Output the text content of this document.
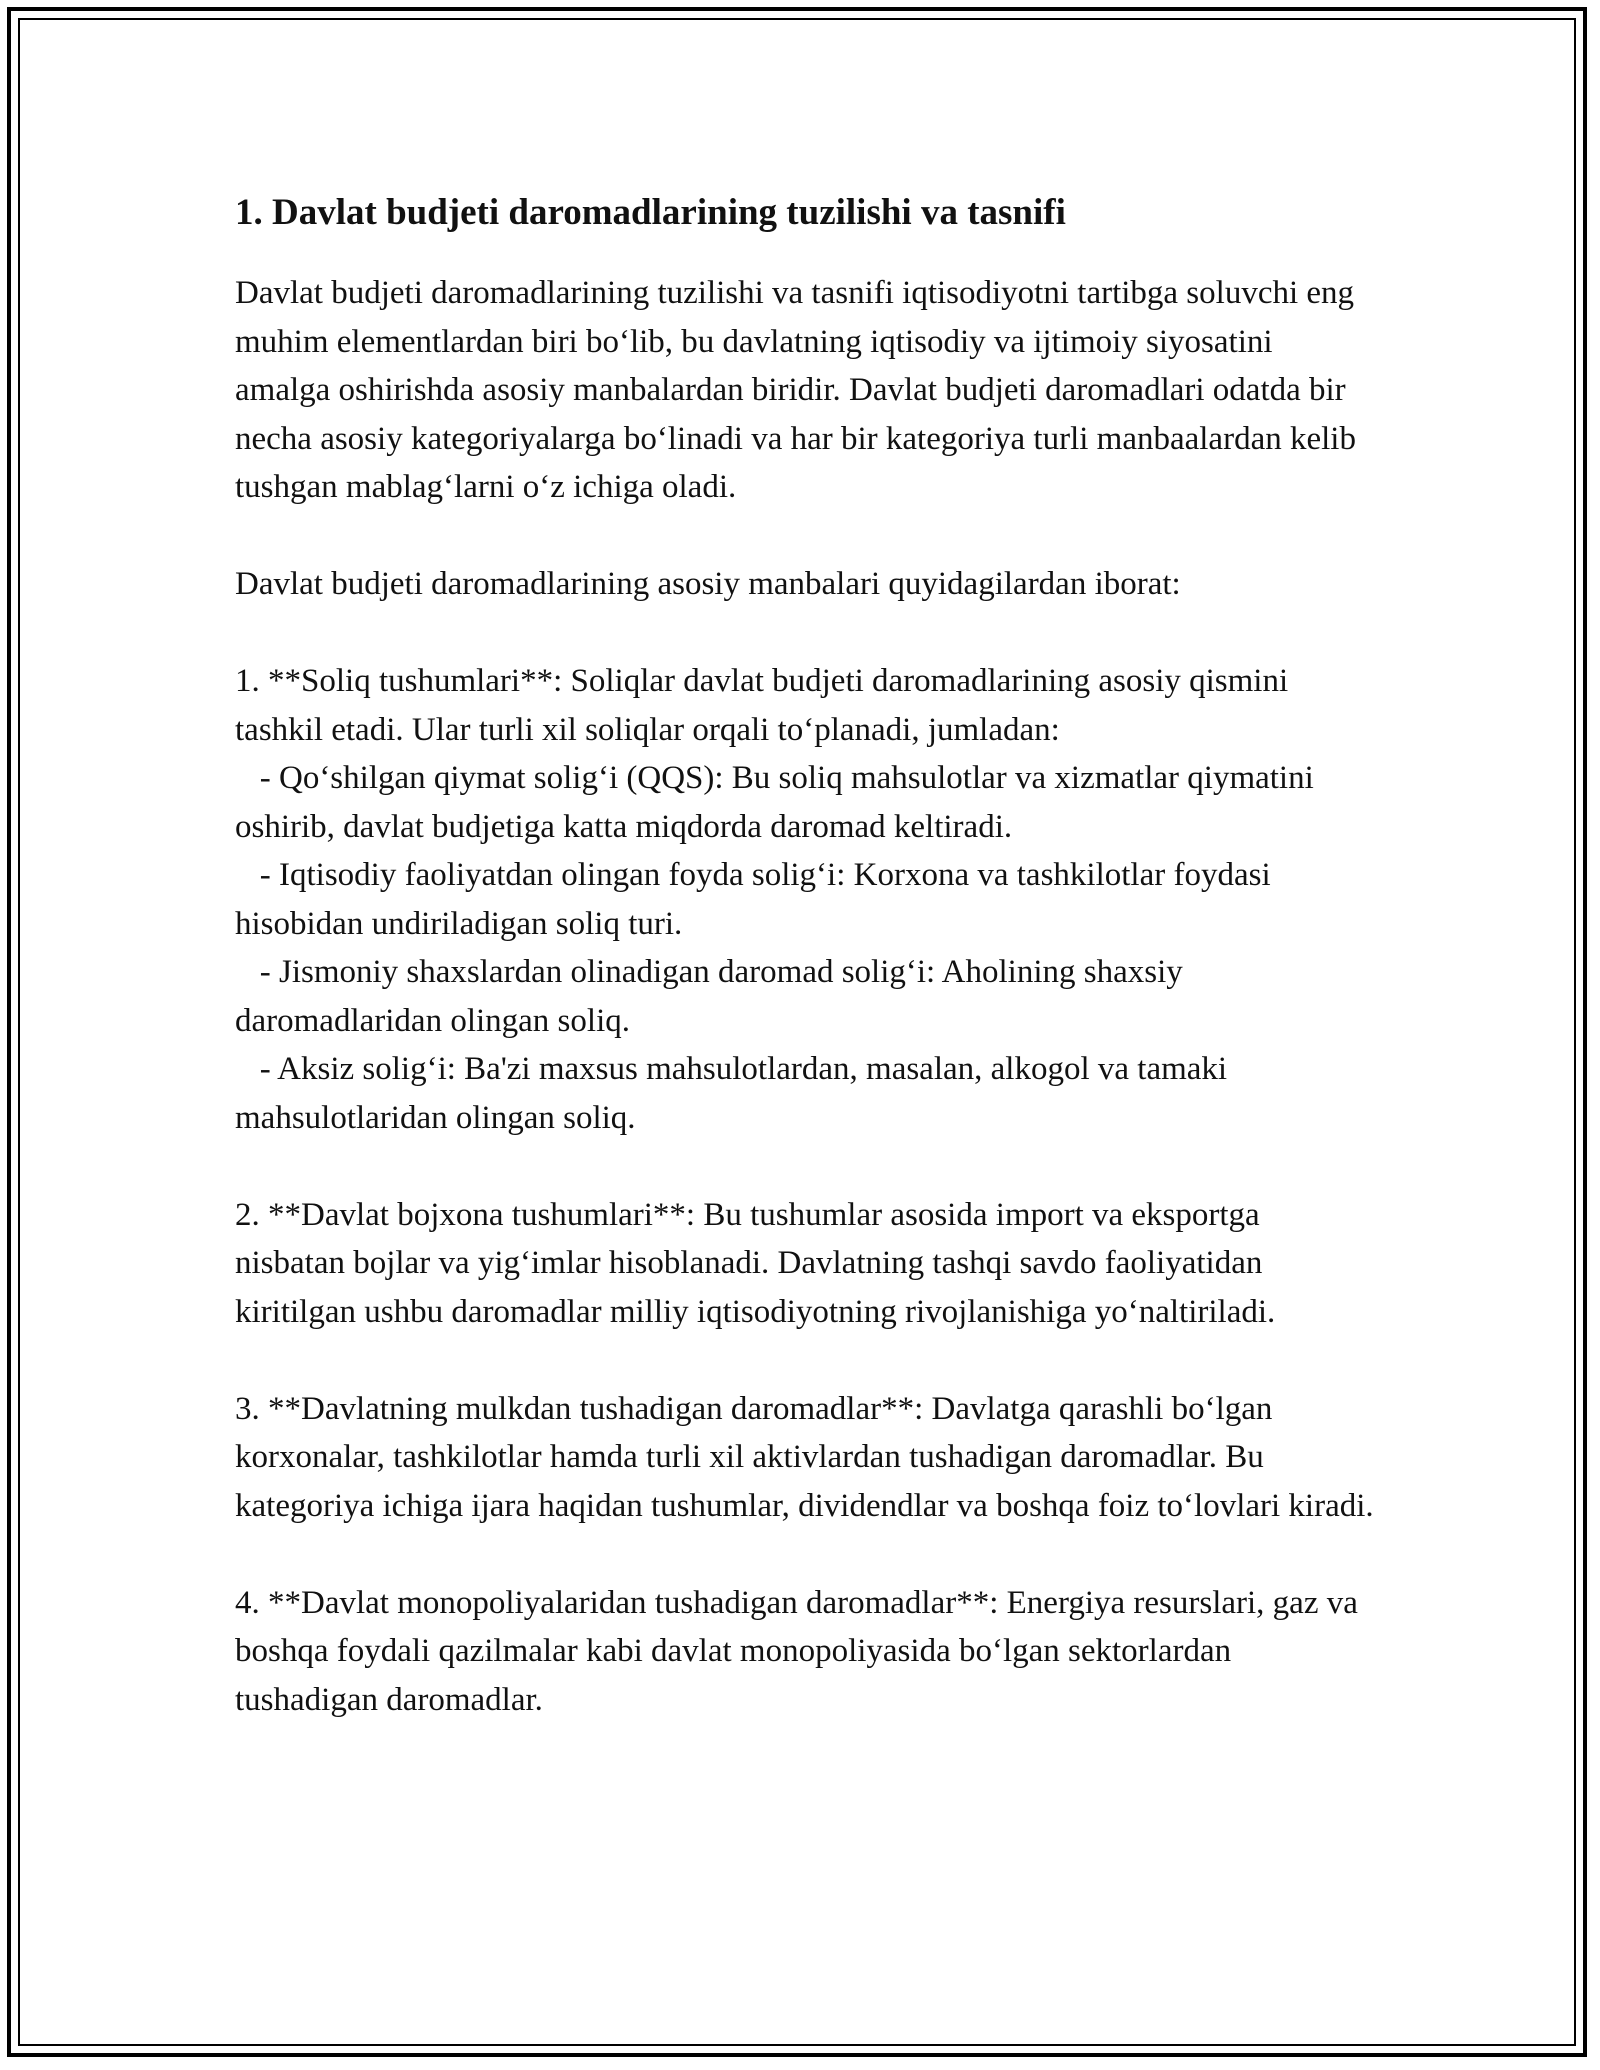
1. Davlat budjeti daromadlarining tuzilishi va tasnifi

Davlat budjeti daromadlarining tuzilishi va tasnifi iqtisodiyotni tartibga soluvchi eng muhim elementlardan biri bo‘lib, bu davlatning iqtisodiy va ijtimoiy siyosatini amalga oshirishda asosiy manbalardan biridir. Davlat budjeti daromadlari odatda bir necha asosiy kategoriyalarga bo‘linadi va har bir kategoriya turli manbaalardan kelib tushgan mablag‘larni o‘z ichiga oladi.

Davlat budjeti daromadlarining asosiy manbalari quyidagilardan iborat:

1. **Soliq tushumlari**: Soliqlar davlat budjeti daromadlarining asosiy qismini tashkil etadi. Ular turli xil soliqlar orqali to‘planadi, jumladan:

- Qo‘shilgan qiymat solig‘i (QQS): Bu soliq mahsulotlar va xizmatlar qiymatini oshirib, davlat budjetiga katta miqdorda daromad keltiradi.

- Iqtisodiy faoliyatdan olingan foyda solig‘i: Korxona va tashkilotlar foydasi hisobidan undiriladigan soliq turi.

- Jismoniy shaxslardan olinadigan daromad solig‘i: Aholining shaxsiy daromadlaridan olingan soliq.

- Aksiz solig‘i: Ba'zi maxsus mahsulotlardan, masalan, alkogol va tamaki mahsulotlaridan olingan soliq.

2. **Davlat bojxona tushumlari**: Bu tushumlar asosida import va eksportga nisbatan bojlar va yig‘imlar hisoblanadi. Davlatning tashqi savdo faoliyatidan kiritilgan ushbu daromadlar milliy iqtisodiyotning rivojlanishiga yo‘naltiriladi.

3. **Davlatning mulkdan tushadigan daromadlar**: Davlatga qarashli bo‘lgan korxonalar, tashkilotlar hamda turli xil aktivlardan tushadigan daromadlar. Bu kategoriya ichiga ijara haqidan tushumlar, dividendlar va boshqa foiz to‘lovlari kiradi.

4. **Davlat monopoliyalaridan tushadigan daromadlar**: Energiya resurslari, gaz va boshqa foydali qazilmalar kabi davlat monopoliyasida bo‘lgan sektorlardan tushadigan daromadlar.
